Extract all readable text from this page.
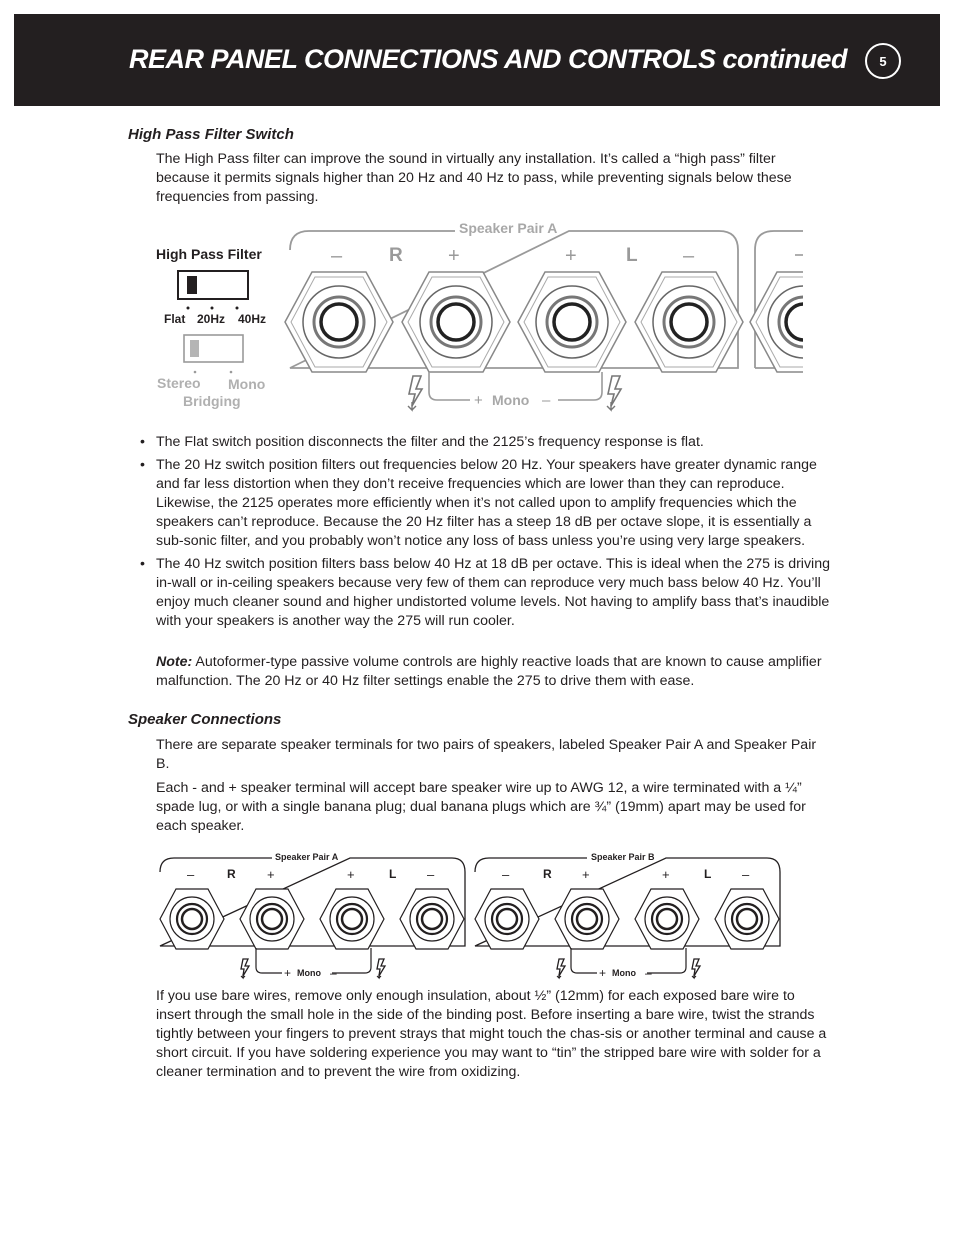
REAR PANEL CONNECTIONS AND CONTROLS continued	5
High Pass Filter Switch

The High Pass filter can improve the sound in virtually any installation. It’s called a “high pass” filter because it permits signals higher than 20 Hz and 40 Hz to pass, while preventing signals below these frequencies from passing.

High Pass Filter
Flat 20Hz 40Hz
Stereo Mono
Bridging
Speaker Pair A
– R +	+	L –
+ Mono –
• The Flat switch position disconnects the filter and the 2125’s frequency response is flat.
• The 20 Hz switch position filters out frequencies below 20 Hz. Your speakers have greater dynamic range and far less distortion when they don’t receive frequencies which are lower than they can reproduce. Likewise, the 2125 operates more efficiently when it’s not called upon to amplify frequencies which the speakers can’t reproduce. Because the 20 Hz filter has a steep 18 dB per octave slope, it is essentially a sub-sonic filter, and you probably won’t notice any loss of bass unless you’re using very large speakers.
• The 40 Hz switch position filters bass below 40 Hz at 18 dB per octave. This is ideal when the 275 is driving in-wall or in-ceiling speakers because very few of them can reproduce very much bass below 40 Hz. You’ll enjoy much cleaner sound and higher undistorted volume levels. Not having to amplify bass that’s inaudible with your speakers is another way the 275 will run cooler.

Note: Autoformer-type passive volume controls are highly reactive loads that are known to cause amplifier malfunction. The 20 Hz or 40 Hz filter settings enable the 275 to drive them with ease.

Speaker Connections

There are separate speaker terminals for two pairs of speakers, labeled Speaker Pair A and Speaker Pair B.

Each - and + speaker terminal will accept bare speaker wire up to AWG 12, a wire terminated with a ¼” spade lug, or with a single banana plug; dual banana plugs which are ¾” (19mm) apart may be used for each speaker.

Speaker Pair A	Speaker Pair B
–	R +	+	L –	–	R +	+	L –
+ Mono –	+ Mono –

If you use bare wires, remove only enough insulation, about ½” (12mm) for each exposed bare wire to insert through the small hole in the side of the binding post. Before inserting a bare wire, twist the strands tightly between your fingers to prevent strays that might touch the chas-sis or another terminal and cause a short circuit. If you have soldering experience you may want to “tin” the stripped bare wire with solder for a cleaner termination and to prevent the wire from oxidizing.
